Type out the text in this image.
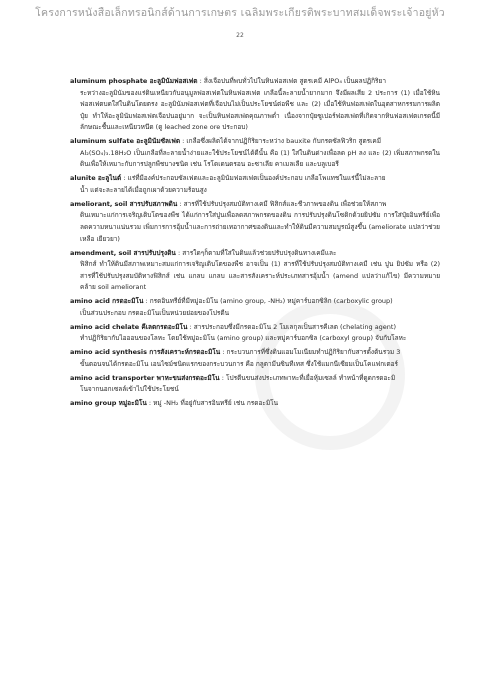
โครงการหนังสือเล็กทรอนิกส์ด้านการเกษตร เฉลิมพระเกียรติพระบาทสมเด็จพระเจ้าอยู่หัว
22
aluminum phosphate อะลูมินัมฟอสเฟต : สิ่งเจือปนที่พบทั่วไปในหินฟอสเฟต สูตรเคมี AlPO₄ เป็นผลปฏิกิริยา
ระหว่างอะลูมินัมของแร่ดินเหนียวกับอนุมูลฟอสเฟตในหินฟอสเฟต เกลือนี้ละลายน้ำยากมาก จึงมีผลเสีย 2 ประการ (1) เมื่อใช้หินฟอสเฟตบดใส่ในดินโดยตรง อะลูมินัมฟอสเฟตที่เจือปนไม่เป็นประโยชน์ต่อพืช และ (2) เมื่อใช้หินฟอสเฟตในอุตสาหกรรมการผลิตปุ๋ย ทำให้อะลูมินัมฟอสเฟตเจือปนอยู่มาก จะเป็นหินฟอสเฟตคุณภาพต่ำ เนื่องจากปุ๋ยซูเปอร์ฟอสเฟตที่เกิดจากหินฟอสเฟตเกรดนี้มีลักษณะชื้นและเหนียวหนึด (ดู leached zone ore ประกอบ)
aluminum sulfate อะลูมินัมซัลเฟต : เกลือซึ่งผลิตได้จากปฏิกิริยาระหว่าง bauxite กับกรดซัลฟิวริก สูตรเคมี
Al₂(SO₄)₃.18H₂O เป็นเกลือที่ละลายน้ำง่ายและใช้ประโยชน์ได้ดีนั้น คือ (1) ใส่ในดินด่างเพื่อลด pH ลง และ (2) เพิ่มสภาพกรดในดินเพื่อให้เหมาะกับการปลูกพืชบางชนิด เช่น โรโดเดนดรอน อะซาเลีย คาเมลเลีย และบลูเบอรี
alunite อะลูไนต์ : แร่ที่มีองค์ประกอบซัลเฟตและอะลูมินัมฟอสเฟตเป็นองค์ประกอบ เกลือโพแทชในแร่นี้ไม่ละลาย
น้ำ แต่จะละลายได้เมื่อถูกเผาด้วยความร้อนสูง
ameliorant, soil สารปรับสภาพดิน : สารที่ใช้ปรับปรุงสมบัติทางเคมี ฟิสิกส์และชีวภาพของดิน เพื่อช่วยให้สภาพ
ดินเหมาะแก่การเจริญเติบโตของพืช ได้แก่การใส่ปูนเพื่อลดสภาพกรดของดิน การปรับปรุงดินโซดิกด้วยยิปซัม การใส่ปุ๋ยอินทรีย์เพื่อลดความหนาแน่นรวม เพิ่มการการอุ้มน้ำและการถ่ายเทอากาศของดินและทำให้ดินมีความสมบูรณ์สูงขึ้น (ameliorate แปลว่าช่วยเหลือ เยียวยา)
amendment, soil สารปรับปรุงดิน : สารใดๆก็ตามที่ใส่ในดินแล้วช่วยปรับปรุงดินทางเคมีและ
ฟิสิกส์ ทำให้ดินมีสภาพเหมาะสมแก่การเจริญเติบโตของพืช อาจเป็น (1) สารที่ใช้ปรับปรุงสมบัติทางเคมี เช่น ปูน ยิปซัม หรือ (2) สารที่ใช้ปรับปรุงสมบัติทางฟิสิกส์ เช่น แกลบ แกลบ และสารสังเคราะห์ประเภทสารอุ้มน้ำ (amend แปลว่าแก้ไข) มีความหมายคล้าย soil ameliorant
amino acid กรดอะมิโน : กรดอินทรีย์ที่มีหมู่อะมิโน (amino group, -NH₂) หมู่คาร์บอกซิลิก (carboxylic group)
เป็นส่วนประกอบ กรดอะมิโนเป็นหน่วยย่อยของโปรตีน
amino acid chelate คีเลตกรดอะมิโน : สารประกอบซึ่งมีกรดอะมิโน 2 โมเลกุลเป็นสารคีเลต (chelating agent)
ทำปฏิกิริยากับไอออนของโลหะ โดยใช้หมู่อะมิโน (amino group) และหมู่คาร์บอกซิล (carboxyl group) จับกับโลหะ
amino acid synthesis การสังเคราะห์กรดอะมิโน : กระบวนการที่ซึ่งดินแอมโมเนียมทำปฏิกิริยากับสารตั้งต้นรวม 3
ขั้นตอนจนได้กรดอะมิโน เอนไซม์ชนิดแรกของกระบวนการ คือ กลูตามีนซินทีเทส ซึ่งใช้แมกนีเซียมเป็นโคแฟกเตอร์
amino acid transporter พาหะขนส่งกรดอะมิโน : โปรตีนขนส่งประเภทพาหะที่เยื่อหุ้มเซลล์ ทำหน้าที่ดูดกรดอะมิ
โนจากนอกเซลล์เข้าไปใช้ประโยชน์
amino group หมู่อะมิโน : หมู่ -NH₂ ที่อยู่กับสารอินทรีย์ เช่น กรดอะมิโน
